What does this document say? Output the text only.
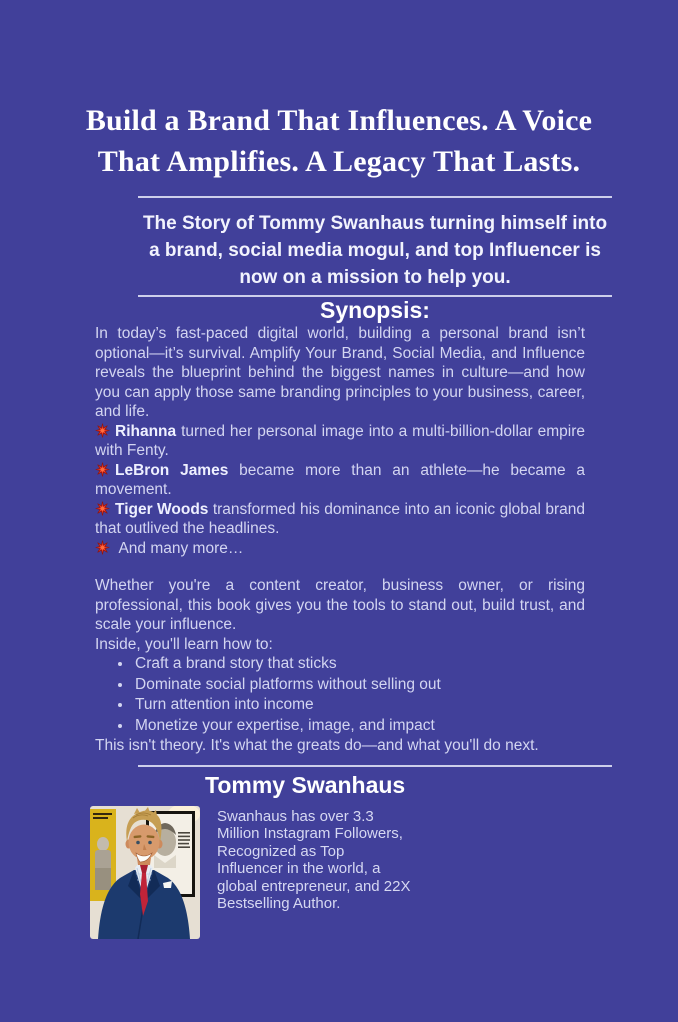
Build a Brand That Influences. A Voice
That Amplifies. A Legacy That Lasts.

The Story of Tommy Swanhaus turning himself into a brand, social media mogul, and top Influencer is now on a mission to help you.

Synopsis:

In today’s fast-paced digital world, building a personal brand isn’t optional—it’s survival. Amplify Your Brand, Social Media, and Influence reveals the blueprint behind the biggest names in culture—and how you can apply those same branding principles to your business, career, and life.

Rihanna turned her personal image into a multi-billion-dollar empire with Fenty.

LeBron James became more than an athlete—he became a movement.

Tiger Woods transformed his dominance into an iconic global brand that outlived the headlines.

And many more…

Whether you're a content creator, business owner, or rising professional, this book gives you the tools to stand out, build trust, and scale your influence.

Inside, you'll learn how to:

• Craft a brand story that sticks
• Dominate social platforms without selling out
• Turn attention into income
• Monetize your expertise, image, and impact

This isn't theory. It's what the greats do—and what you'll do next.

Tommy Swanhaus

Swanhaus has over 3.3 Million Instagram Followers, Recognized as Top Influencer in the world, a global entrepreneur, and 22X Bestselling Author.
